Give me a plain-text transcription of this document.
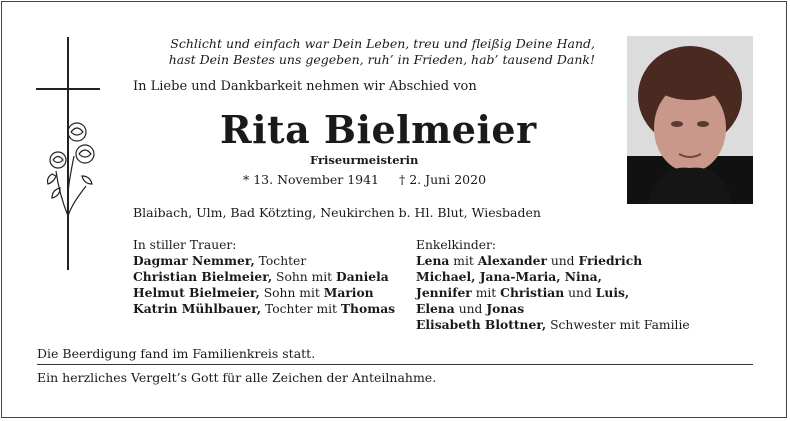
Schlicht und einfach war Dein Leben, treu und fleißig Deine Hand,
hast Dein Bestes uns gegeben, ruh’ in Frieden, hab’ tausend Dank!
In Liebe und Dankbarkeit nehmen wir Abschied von
Rita Bielmeier
Friseurmeisterin
* 13. November 1941 † 2. Juni 2020
Blaibach, Ulm, Bad Kötzting, Neukirchen b. Hl. Blut, Wiesbaden
In stiller Trauer:
Dagmar Nemmer, Tochter
Christian Bielmeier, Sohn mit Daniela
Helmut Bielmeier, Sohn mit Marion
Katrin Mühlbauer, Tochter mit Thomas
Enkelkinder:
Lena mit Alexander und Friedrich
Michael, Jana-Maria, Nina,
Jennifer mit Christian und Luis,
Elena und Jonas
Elisabeth Blottner, Schwester mit Familie
Die Beerdigung fand im Familienkreis statt.
Ein herzliches Vergelt’s Gott für alle Zeichen der Anteilnahme.
